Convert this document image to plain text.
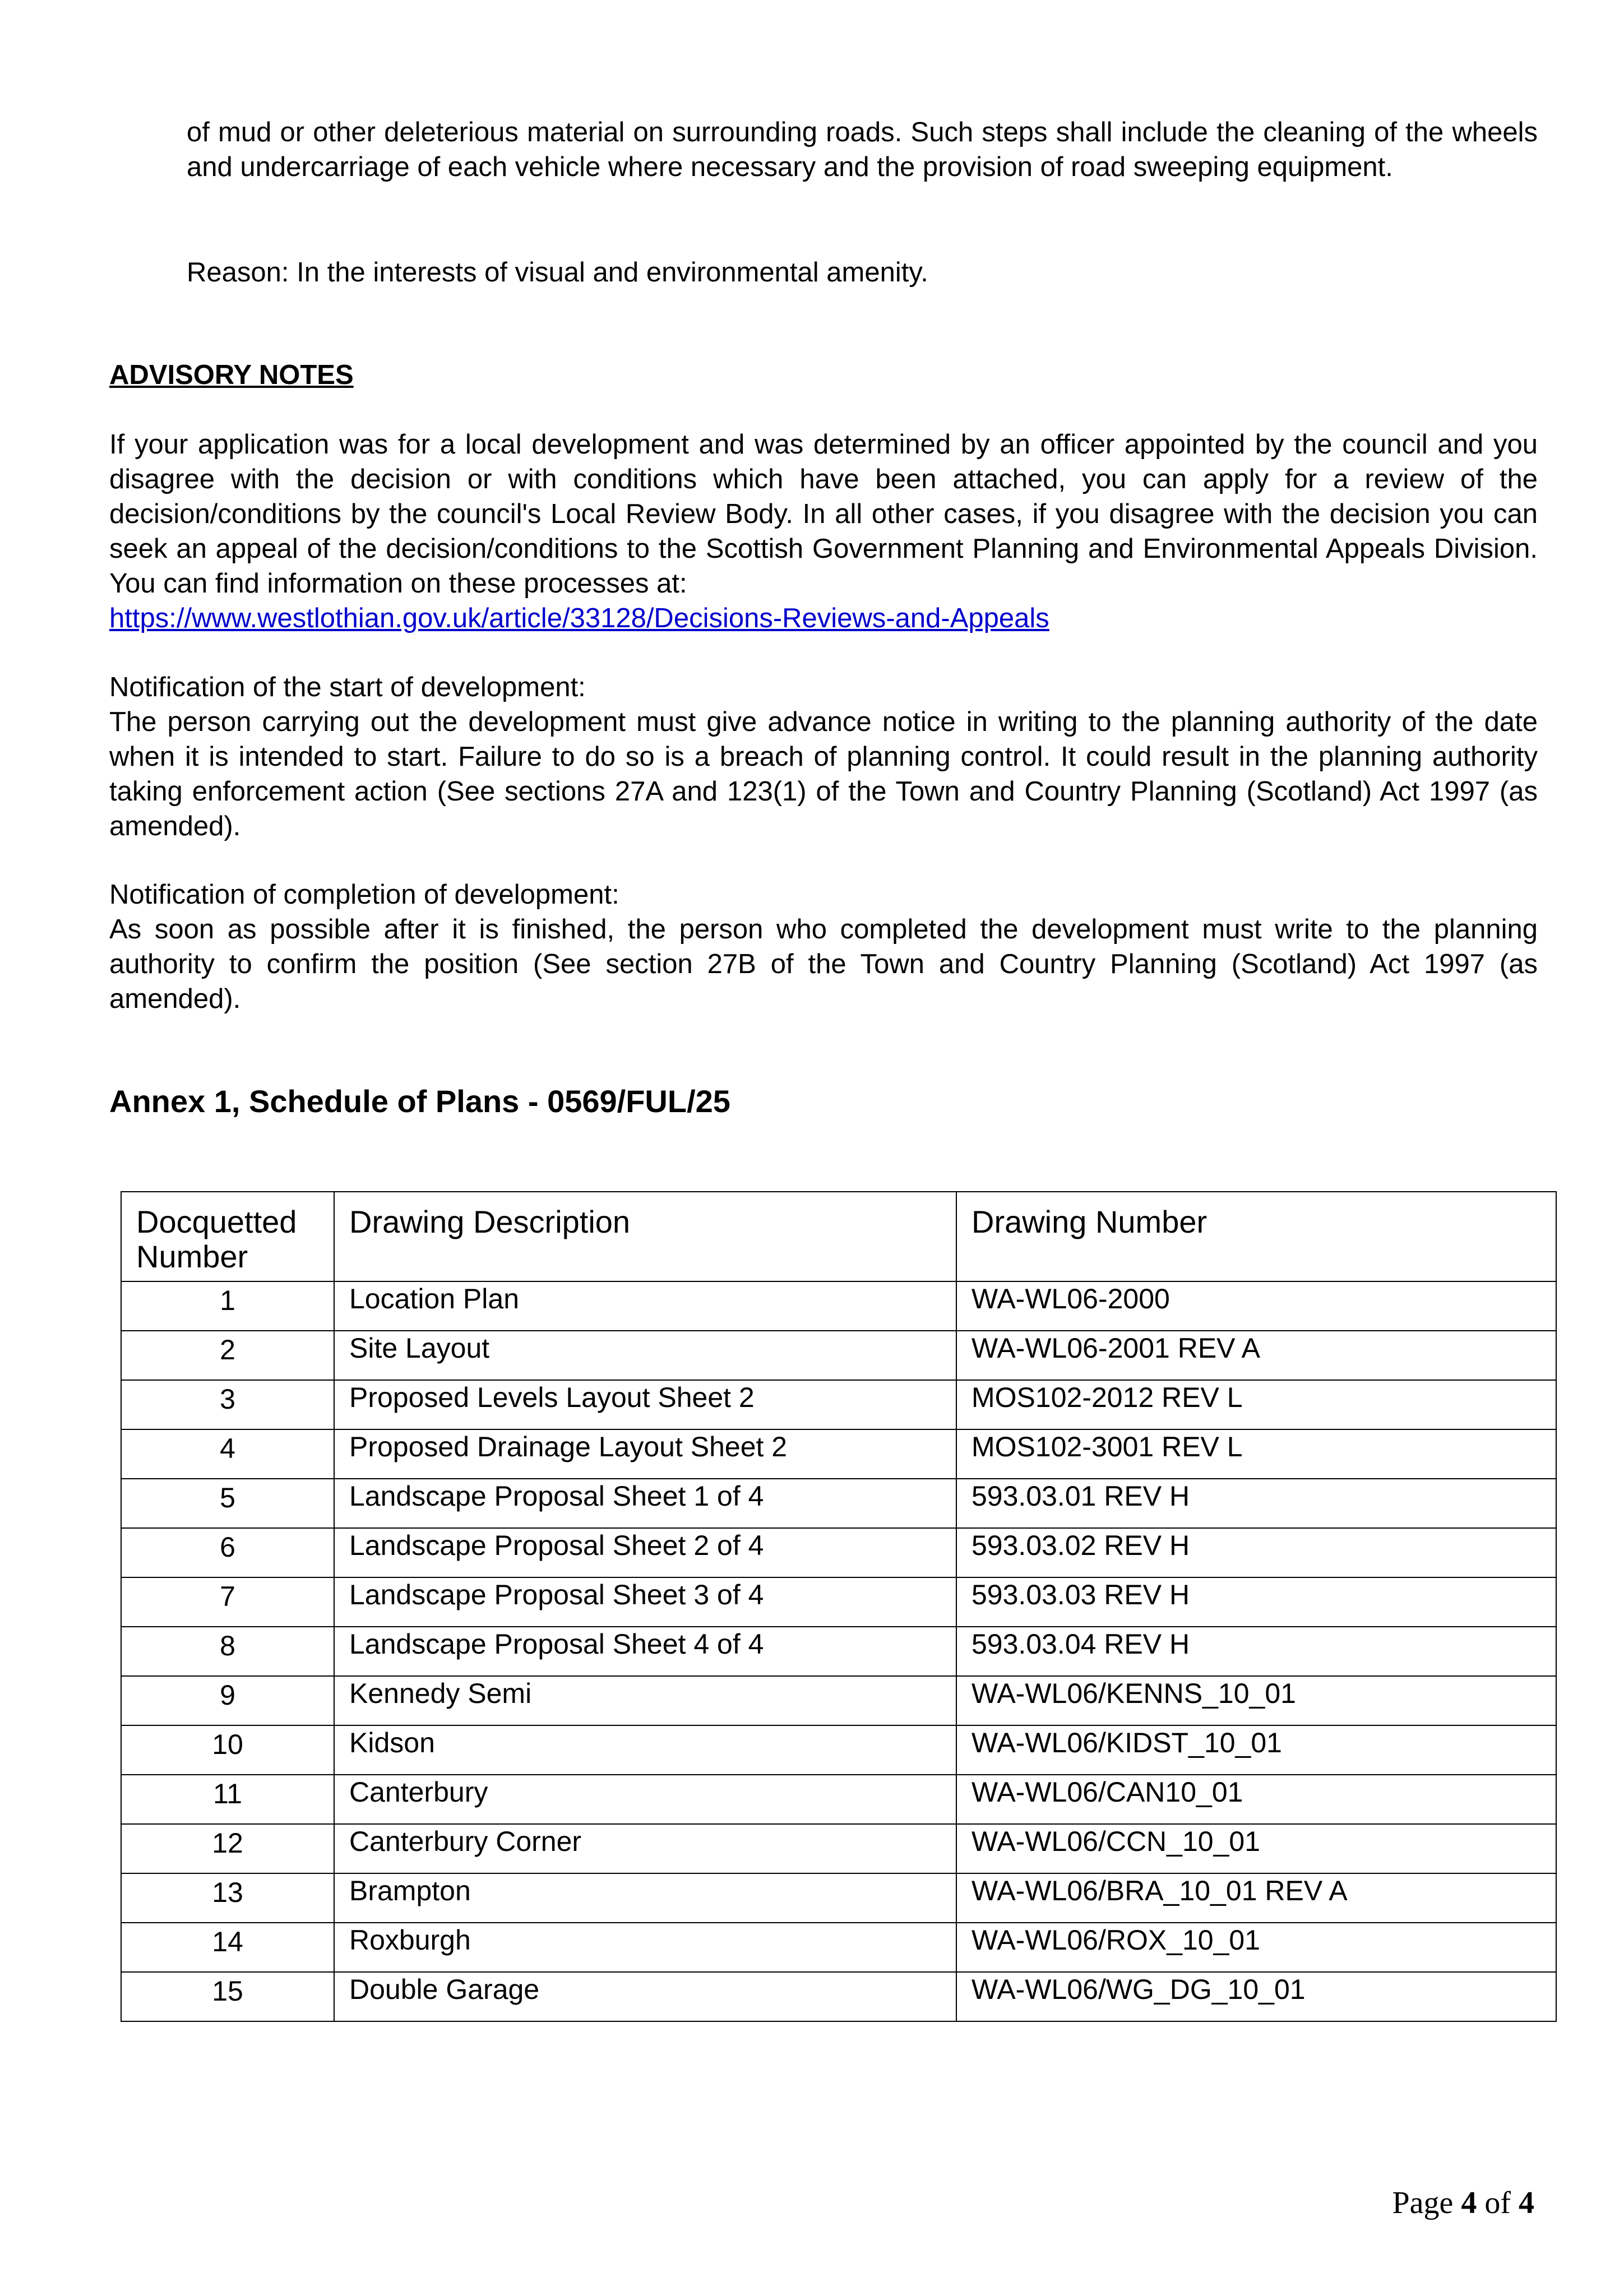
of mud or other deleterious material on surrounding roads. Such steps shall include the cleaning of the wheels and undercarriage of each vehicle where necessary and the provision of road sweeping equipment.

Reason: In the interests of visual and environmental amenity.

ADVISORY NOTES

If your application was for a local development and was determined by an officer appointed by the council and you disagree with the decision or with conditions which have been attached, you can apply for a review of the decision/conditions by the council's Local Review Body. In all other cases, if you disagree with the decision you can seek an appeal of the decision/conditions to the Scottish Government Planning and Environmental Appeals Division. You can find information on these processes at:
https://www.westlothian.gov.uk/article/33128/Decisions-Reviews-and-Appeals
Notification of the start of development:
The person carrying out the development must give advance notice in writing to the planning authority of the date when it is intended to start. Failure to do so is a breach of planning control. It could result in the planning authority taking enforcement action (See sections 27A and 123(1) of the Town and Country Planning (Scotland) Act 1997 (as amended).
Notification of completion of development:
As soon as possible after it is finished, the person who completed the development must write to the planning authority to confirm the position (See section 27B of the Town and Country Planning (Scotland) Act 1997 (as amended).

Annex 1, Schedule of Plans - 0569/FUL/25

Docquetted Number	Drawing Description	Drawing Number
1	Location Plan	WA-WL06-2000
2	Site Layout	WA-WL06-2001 REV A
3	Proposed Levels Layout Sheet 2	MOS102-2012 REV L
4	Proposed Drainage Layout Sheet 2	MOS102-3001 REV L
5	Landscape Proposal Sheet 1 of 4	593.03.01 REV H
6	Landscape Proposal Sheet 2 of 4	593.03.02 REV H
7	Landscape Proposal Sheet 3 of 4	593.03.03 REV H
8	Landscape Proposal Sheet 4 of 4	593.03.04 REV H
9	Kennedy Semi	WA-WL06/KENNS_10_01
10	Kidson	WA-WL06/KIDST_10_01
11	Canterbury	WA-WL06/CAN10_01
12	Canterbury Corner	WA-WL06/CCN_10_01
13	Brampton	WA-WL06/BRA_10_01 REV A
14	Roxburgh	WA-WL06/ROX_10_01
15	Double Garage	WA-WL06/WG_DG_10_01
Page 4 of 4
